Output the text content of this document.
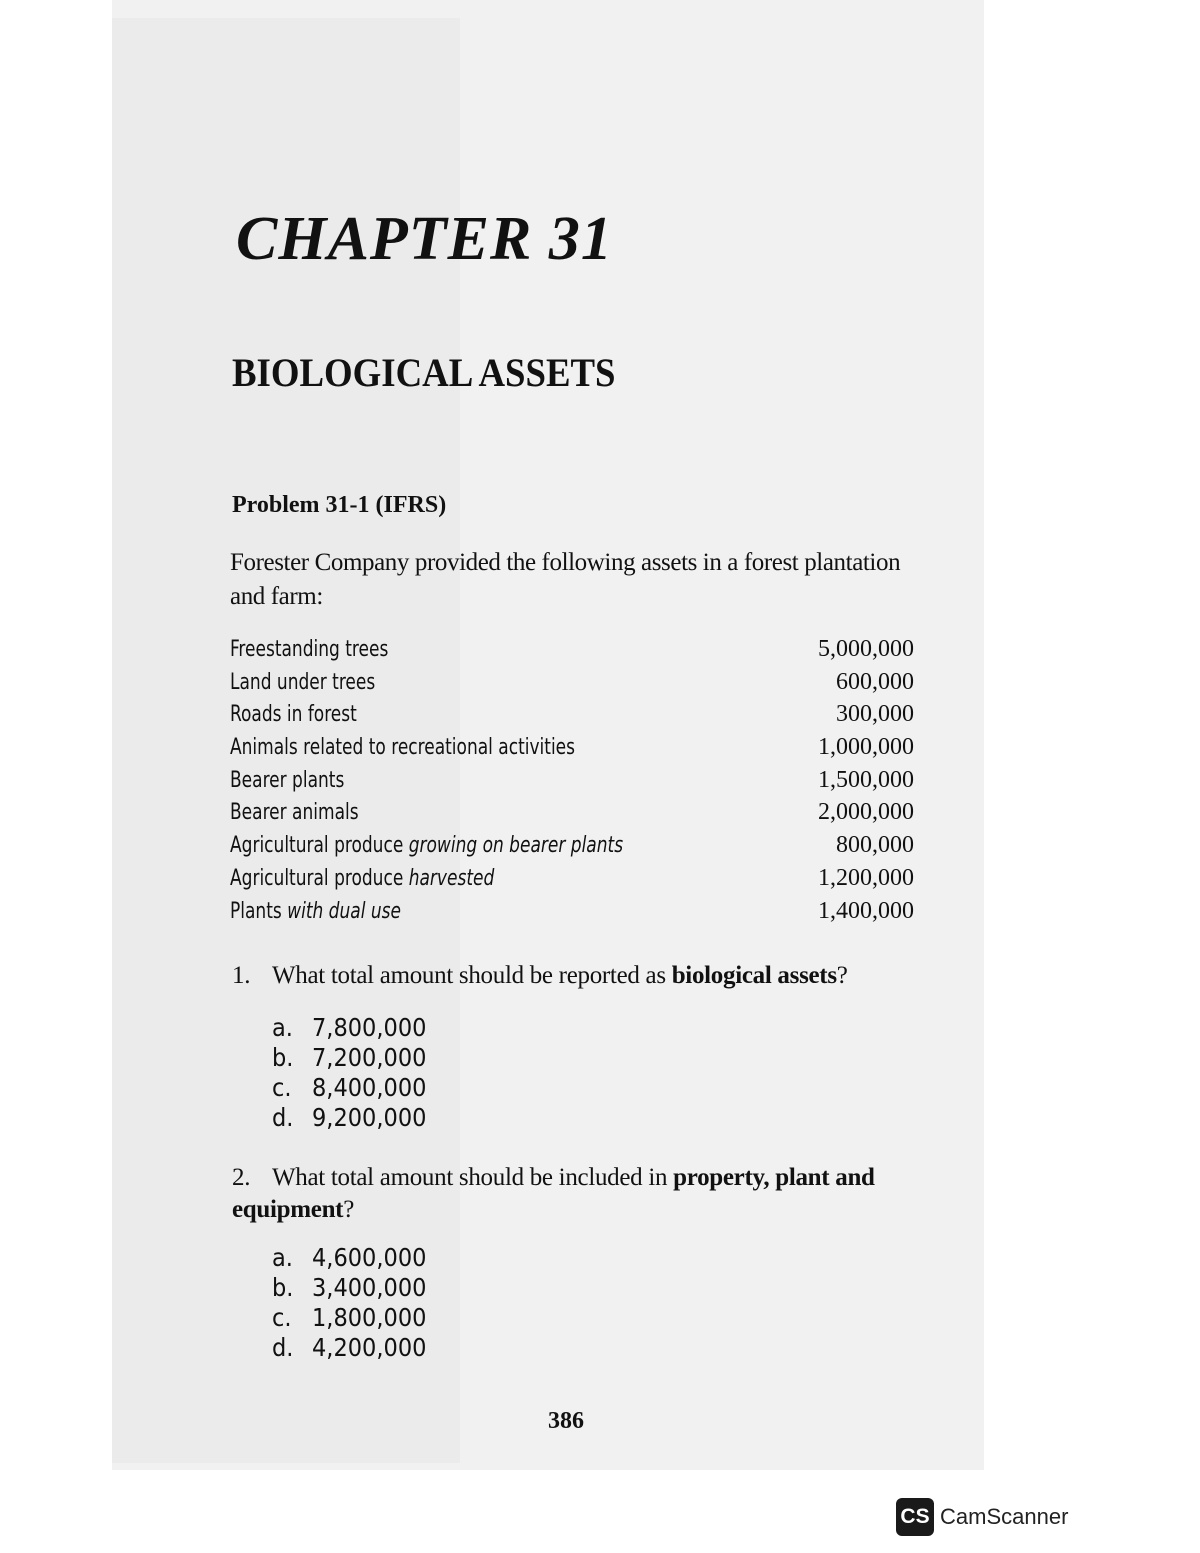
CHAPTER 31
BIOLOGICAL ASSETS
Problem 31-1 (IFRS)

Forester Company provided the following assets in a forest plantation and farm:

Freestanding trees	5,000,000
Land under trees	600,000
Roads in forest	300,000
Animals related to recreational activities	1,000,000
Bearer plants	1,500,000
Bearer animals	2,000,000
Agricultural produce growing on bearer plants	800,000
Agricultural produce harvested	1,200,000
Plants with dual use	1,400,000

1. What total amount should be reported as biological assets?

a. 7,800,000
b. 7,200,000
c. 8,400,000
d. 9,200,000

2. What total amount should be included in property, plant and equipment?

a. 4,600,000
b. 3,400,000
c. 1,800,000
d. 4,200,000
386
CS CamScanner
